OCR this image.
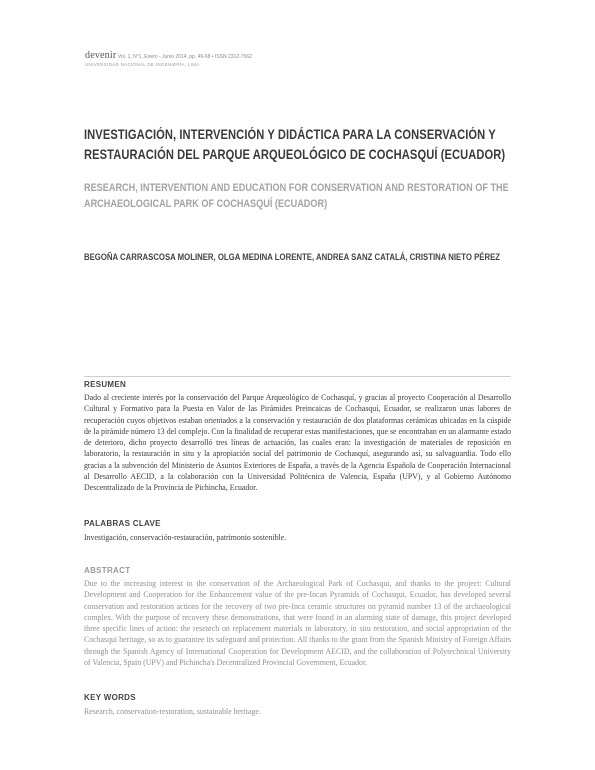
devenir Vol. 1, N°1, Enero - Junio 2014, pp. 49-68 • ISSN 2312-7562
UNIVERSIDAD NACIONAL DE INGENIERÍA, LIMA
INVESTIGACIÓN, INTERVENCIÓN Y DIDÁCTICA PARA LA CONSERVACIÓN Y RESTAURACIÓN DEL PARQUE ARQUEOLÓGICO DE COCHASQUÍ (ECUADOR)
RESEARCH, INTERVENTION AND EDUCATION FOR CONSERVATION AND RESTORATION OF THE ARCHAEOLOGICAL PARK OF COCHASQUÍ (ECUADOR)
BEGOÑA CARRASCOSA MOLINER, OLGA MEDINA LORENTE, ANDREA SANZ CATALÁ, CRISTINA NIETO PÉREZ
RESUMEN
Dado al creciente interés por la conservación del Parque Arqueológico de Cochasquí, y gracias al proyecto Cooperación al Desarrollo Cultural y Formativo para la Puesta en Valor de las Pirámides Preincaicas de Cochasquí, Ecuador, se realizaron unas labores de recuperación cuyos objetivos estaban orientados a la conservación y restauración de dos plataformas cerámicas ubicadas en la cúspide de la pirámide número 13 del complejo. Con la finalidad de recuperar estas manifestaciones, que se encontraban en un alarmante estado de deterioro, dicho proyecto desarrolló tres líneas de actuación, las cuales eran: la investigación de materiales de reposición en laboratorio, la restauración in situ y la apropiación social del patrimonio de Cochasquí, asegurando así, su salvaguardia. Todo ello gracias a la subvención del Ministerio de Asuntos Exteriores de España, a través de la Agencia Española de Cooperación Internacional al Desarrollo AECID, a la colaboración con la Universidad Politécnica de Valencia, España (UPV), y al Gobierno Autónomo Descentralizado de la Provincia de Pichincha, Ecuador.
PALABRAS CLAVE
Investigación, conservación-restauración, patrimonio sostenible.
ABSTRACT
Due to the increasing interest in the conservation of the Archaeological Park of Cochasqui, and thanks to the project: Cultural Development and Cooperation for the Enhancement value of the pre-Incan Pyramids of Cochasqui, Ecuador, has developed several conservation and restoration actions for the recovery of two pre-Inca ceramic structures on pyramid number 13 of the archaeological complex. With the purpose of recovery these demonstrations, that were found in an alarming state of damage, this project developed three specific lines of action: the research on replacement materials in laboratory, in situ restoration, and social appropriation of the Cochasqui heritage, so as to guarantee its safeguard and protection. All thanks to the grant from the Spanish Ministry of Foreign Affairs through the Spanish Agency of International Cooperation for Development AECID, and the collaboration of Polytechnical University of Valencia, Spain (UPV) and Pichincha's Decentralized Provincial Government, Ecuador.
KEY WORDS
Research, conservation-restoration, sustainable heritage.
